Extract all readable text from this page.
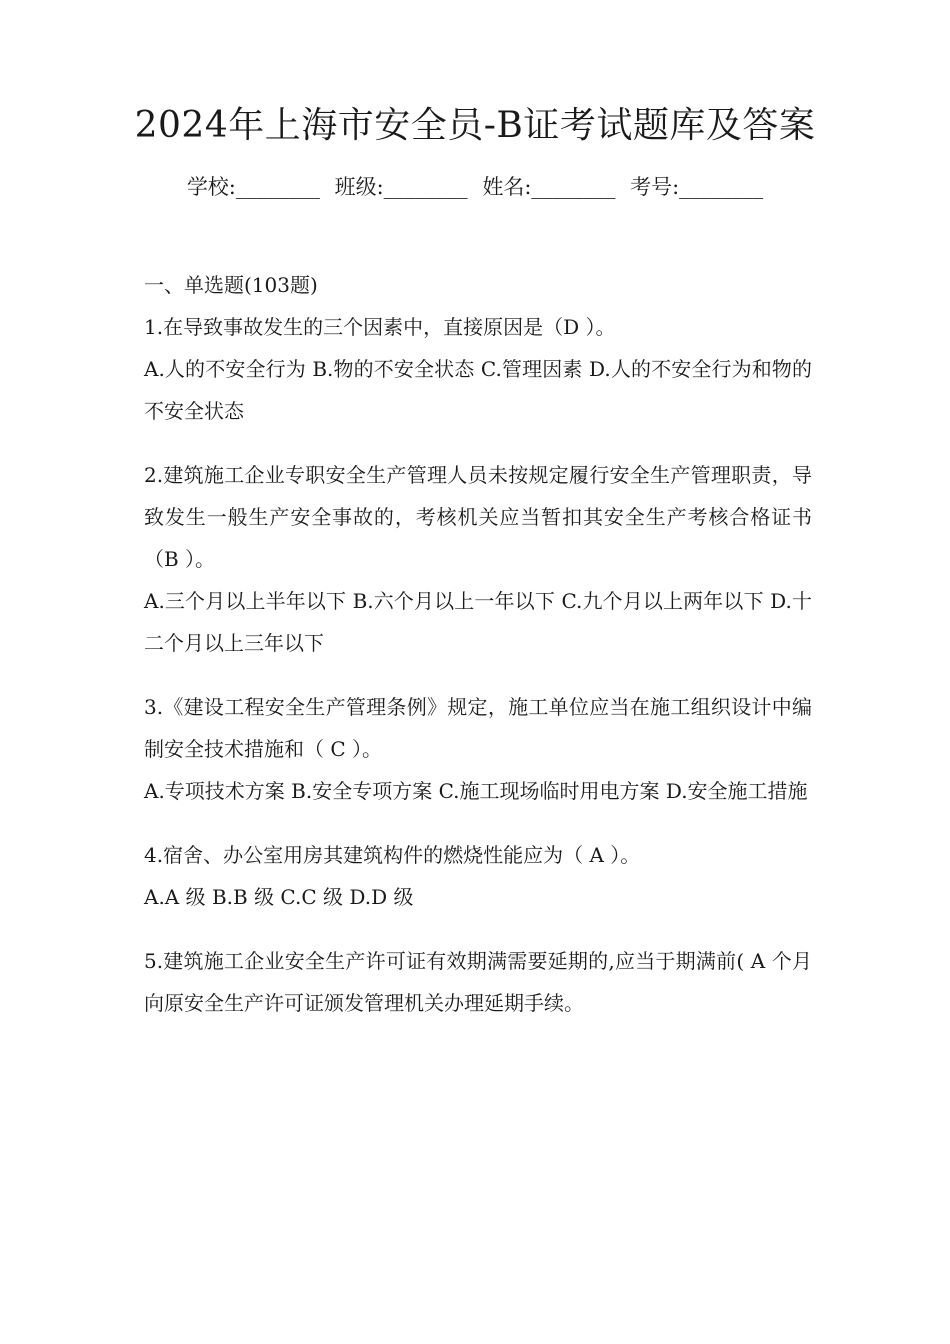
2024年上海市安全员-B证考试题库及答案
学校:________ 班级:________ 姓名:________ 考号:________

一、单选题(103题)

1.在导致事故发生的三个因素中，直接原因是（D ）。

A.人的不安全行为 B.物的不安全状态 C.管理因素 D.人的不安全行为和物的不安全状态

2.建筑施工企业专职安全生产管理人员未按规定履行安全生产管理职责，导致发生一般生产安全事故的，考核机关应当暂扣其安全生产考核合格证书（B ）。

A.三个月以上半年以下 B.六个月以上一年以下 C.九个月以上两年以下 D.十二个月以上三年以下

3.《建设工程安全生产管理条例》规定，施工单位应当在施工组织设计中编制安全技术措施和（ C ）。

A.专项技术方案 B.安全专项方案 C.施工现场临时用电方案 D.安全施工措施

4.宿舍、办公室用房其建筑构件的燃烧性能应为（ A ）。

A.A 级 B.B 级 C.C 级 D.D 级

5.建筑施工企业安全生产许可证有效期满需要延期的,应当于期满前( A 个月向原安全生产许可证颁发管理机关办理延期手续。
